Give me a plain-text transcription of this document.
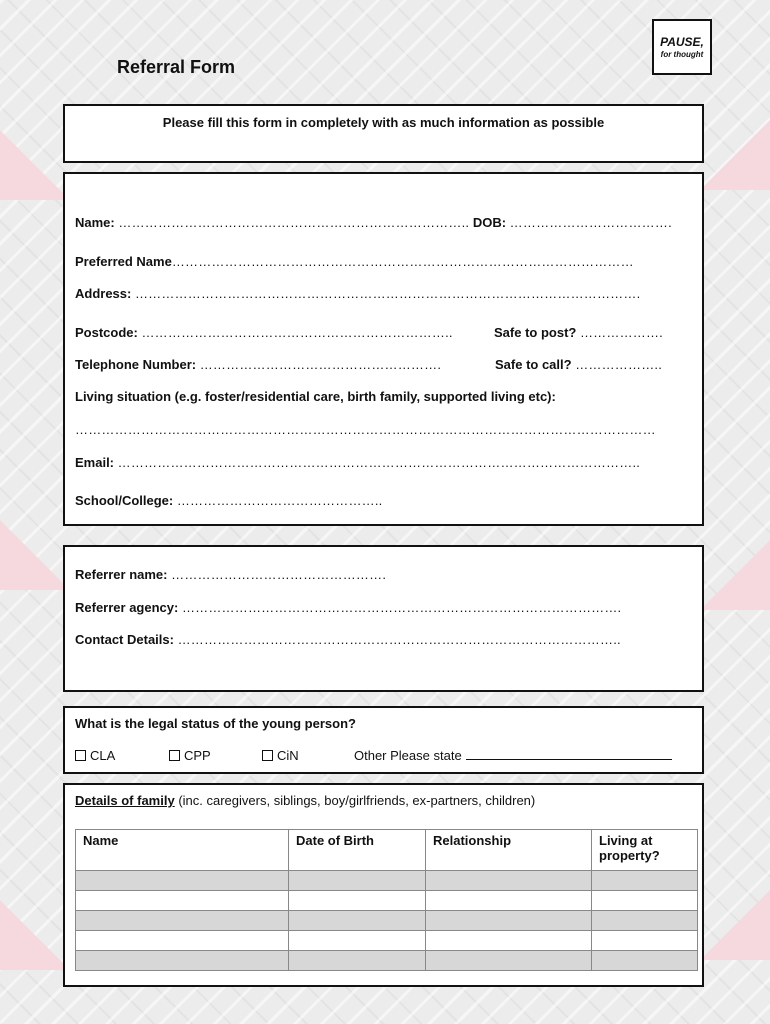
Referral Form
PAUSE,
for thought
Please fill this form in completely with as much information as possible
Name: …………………………………………………………………….. DOB: ……………………………….
Preferred Name……………………………………………………………………………………………
Address: …………………………………………………………………………………………………….
Postcode: ……………………………………………………………..	Safe to post? ……………….
Telephone Number: ……………………………………………….	Safe to call? ………………..
Living situation (e.g. foster/residential care, birth family, supported living etc):
……………………………………………………………………………………………………………………
Email: ………………………………………………………………………………………………………..
School/College: ………………………………………..
Referrer name: ………………………………………….
Referrer agency: ……………………………………………………………………………………….
Contact Details: ………………………………………………………………………………………..
What is the legal status of the young person?
CLA	CPP	CiN	Other Please state
Details of family (inc. caregivers, siblings, boy/girlfriends, ex-partners, children)
Name	Date of Birth	Relationship	Living at property?
